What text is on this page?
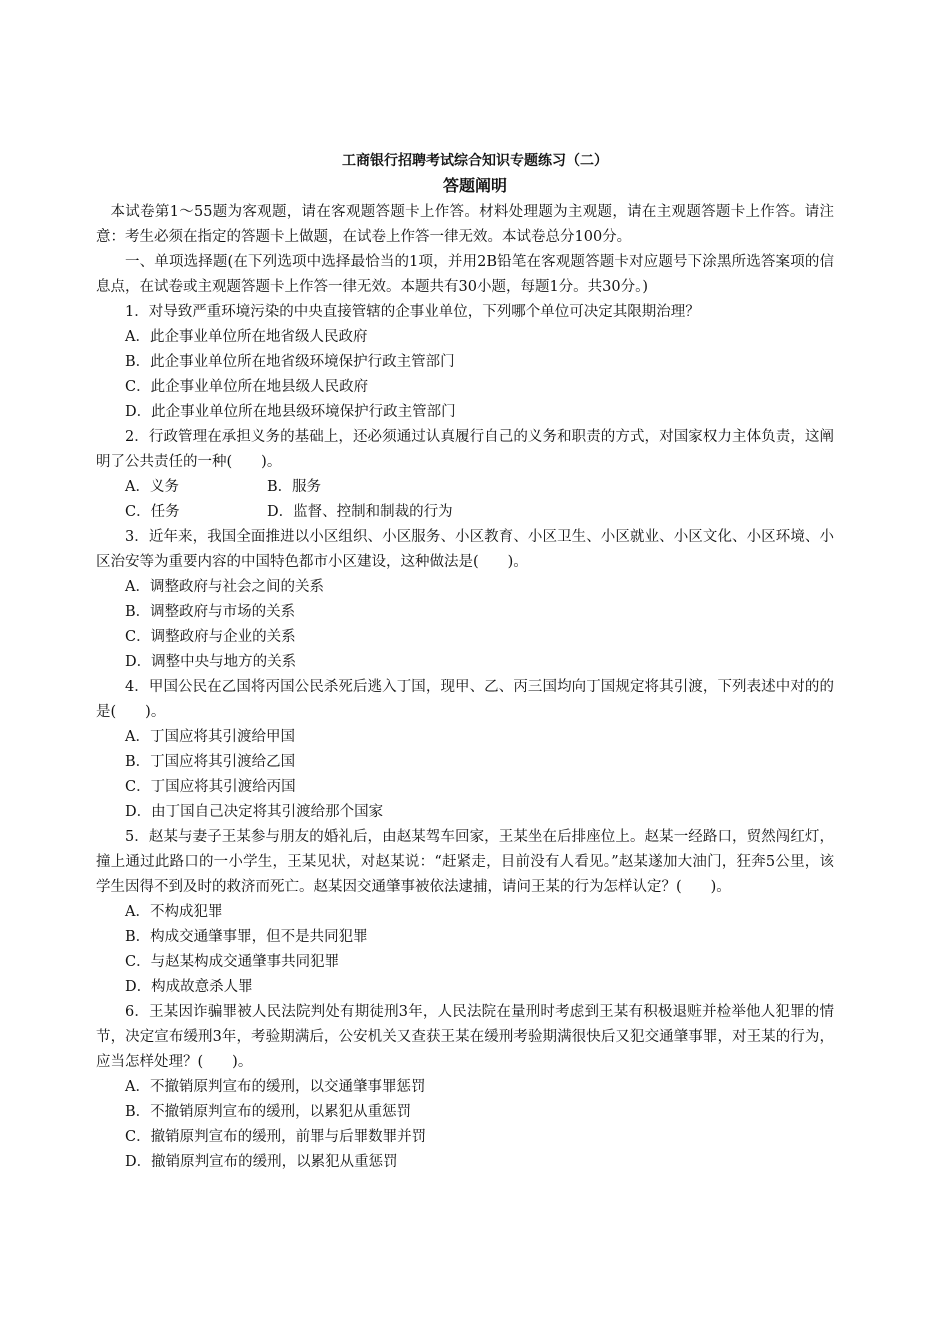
工商银行招聘考试综合知识专题练习（二）
答题阐明

本试卷第1～55题为客观题，请在客观题答题卡上作答。材料处理题为主观题，请在主观题答题卡上作答。请注意：考生必须在指定的答题卡上做题，在试卷上作答一律无效。本试卷总分100分。

一、单项选择题(在下列选项中选择最恰当的1项，并用2B铅笔在客观题答题卡对应题号下涂黑所选答案项的信息点，在试卷或主观题答题卡上作答一律无效。本题共有30小题，每题1分。共30分。)

1．对导致严重环境污染的中央直接管辖的企事业单位，下列哪个单位可决定其限期治理？

A．此企事业单位所在地省级人民政府

B．此企事业单位所在地省级环境保护行政主管部门

C．此企事业单位所在地县级人民政府

D．此企事业单位所在地县级环境保护行政主管部门

2．行政管理在承担义务的基础上，还必须通过认真履行自己的义务和职责的方式，对国家权力主体负责，这阐明了公共责任的一种(　　)。

A．义务	B．服务

C．任务	D．监督、控制和制裁的行为

3．近年来，我国全面推进以小区组织、小区服务、小区教育、小区卫生、小区就业、小区文化、小区环境、小区治安等为重要内容的中国特色都市小区建设，这种做法是(　　)。

A．调整政府与社会之间的关系

B．调整政府与市场的关系

C．调整政府与企业的关系

D．调整中央与地方的关系

4．甲国公民在乙国将丙国公民杀死后逃入丁国，现甲、乙、丙三国均向丁国规定将其引渡，下列表述中对的的是(　　)。

A．丁国应将其引渡给甲国

B．丁国应将其引渡给乙国

C．丁国应将其引渡给丙国

D．由丁国自己决定将其引渡给那个国家

5．赵某与妻子王某参与朋友的婚礼后，由赵某驾车回家，王某坐在后排座位上。赵某一经路口，贸然闯红灯，撞上通过此路口的一小学生，王某见状，对赵某说：“赶紧走，目前没有人看见。”赵某遂加大油门，狂奔5公里，该学生因得不到及时的救济而死亡。赵某因交通肇事被依法逮捕，请问王某的行为怎样认定？(　　)。

A．不构成犯罪

B．构成交通肇事罪，但不是共同犯罪

C．与赵某构成交通肇事共同犯罪

D．构成故意杀人罪

6．王某因诈骗罪被人民法院判处有期徒刑3年，人民法院在量刑时考虑到王某有积极退赃并检举他人犯罪的情节，决定宣布缓刑3年，考验期满后，公安机关又查获王某在缓刑考验期满很快后又犯交通肇事罪，对王某的行为，应当怎样处理？(　　)。

A．不撤销原判宣布的缓刑，以交通肇事罪惩罚

B．不撤销原判宣布的缓刑，以累犯从重惩罚

C．撤销原判宣布的缓刑，前罪与后罪数罪并罚

D．撤销原判宣布的缓刑，以累犯从重惩罚
